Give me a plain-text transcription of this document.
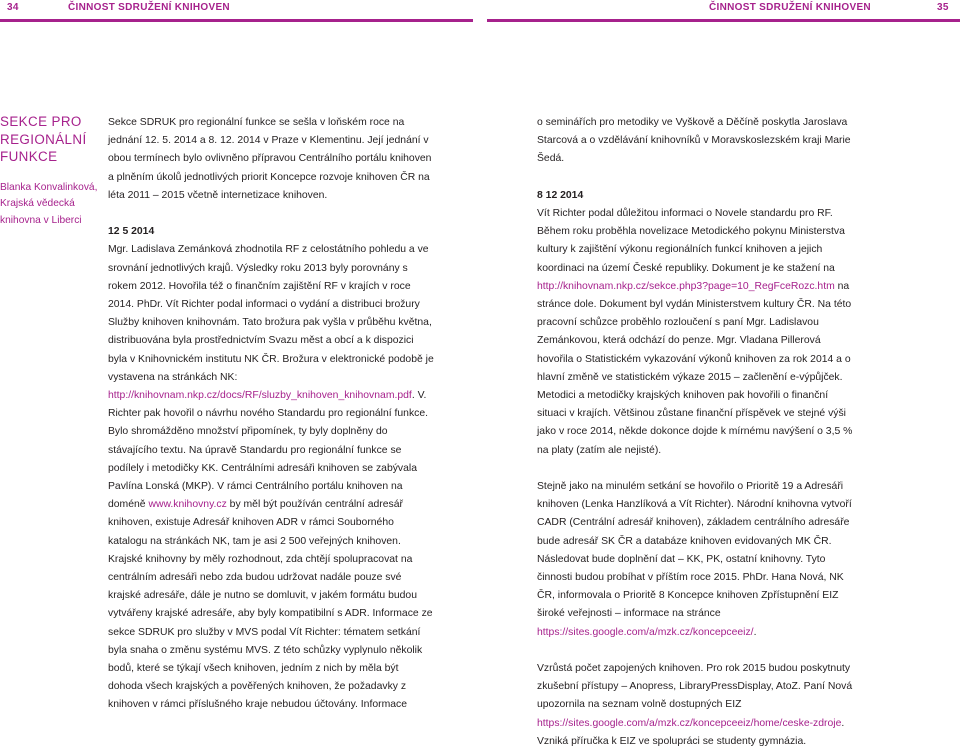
34	ČINNOST SDRUŽENÍ KNIHOVEN	ČINNOST SDRUŽENÍ KNIHOVEN	35

SEKCE PRO REGIONÁLNÍ FUNKCE

Blanka Konvalinková, Krajská vědecká knihovna v Liberci

Sekce SDRUK pro regionální funkce se sešla v loňském roce na jednání 12. 5. 2014 a 8. 12. 2014 v Praze v Klementinu. Její jednání v obou termínech bylo ovlivněno přípravou Centrálního portálu knihoven a plněním úkolů jednotlivých priorit Koncepce rozvoje knihoven ČR na léta 2011 – 2015 včetně internetizace knihoven.

12 5 2014

Mgr. Ladislava Zemánková zhodnotila RF z celostátního pohledu a ve srovnání jednotlivých krajů. Výsledky roku 2013 byly porovnány s rokem 2012. Hovořila též o finančním zajištění RF v krajích v roce 2014. PhDr. Vít Richter podal informaci o vydání a distribuci brožury Služby knihoven knihovnám. Tato brožura pak vyšla v průběhu května, distribuována byla prostřednictvím Svazu měst a obcí a k dispozici byla v Knihovnickém institutu NK ČR. Brožura v elektronické podobě je vystavena na stránkách NK: http://knihovnam.nkp.cz/docs/RF/sluzby_knihoven_knihovnam.pdf. V. Richter pak hovořil o návrhu nového Standardu pro regionální funkce. Bylo shromážděno množství připomínek, ty byly doplněny do stávajícího textu. Na úpravě Standardu pro regionální funkce se podílely i metodičky KK. Centrálními adresáři knihoven se zabývala Pavlína Lonská (MKP). V rámci Centrálního portálu knihoven na doméně www.knihovny.cz by měl být používán centrální adresář knihoven, existuje Adresář knihoven ADR v rámci Souborného katalogu na stránkách NK, tam je asi 2 500 veřejných knihoven. Krajské knihovny by měly rozhodnout, zda chtějí spolupracovat na centrálním adresáři nebo zda budou udržovat nadále pouze své krajské adresáře, dále je nutno se domluvit, v jakém formátu budou vytvářeny krajské adresáře, aby byly kompatibilní s ADR. Informace ze sekce SDRUK pro služby v MVS podal Vít Richter: tématem setkání byla snaha o změnu systému MVS. Z této schůzky vyplynulo několik bodů, které se týkají všech knihoven, jedním z nich by měla být dohoda všech krajských a pověřených knihoven, že požadavky z knihoven v rámci příslušného kraje nebudou účtovány. Informace

o seminářích pro metodiky ve Vyškově a Děčíně poskytla Jaroslava Starcová a o vzdělávání knihovníků v Moravskoslezském kraji Marie Šedá.

8 12 2014

Vít Richter podal důležitou informaci o Novele standardu pro RF. Během roku proběhla novelizace Metodického pokynu Ministerstva kultury k zajištění výkonu regionálních funkcí knihoven a jejich koordinaci na území České republiky. Dokument je ke stažení na http://knihovnam.nkp.cz/sekce.php3?page=10_RegFceRozc.htm na stránce dole. Dokument byl vydán Ministerstvem kultury ČR. Na této pracovní schůzce proběhlo rozloučení s paní Mgr. Ladislavou Zemánkovou, která odchází do penze. Mgr. Vladana Pillerová hovořila o Statistickém vykazování výkonů knihoven za rok 2014 a o hlavní změně ve statistickém výkaze 2015 – začlenění e-výpůjček. Metodici a metodičky krajských knihoven pak hovořili o finanční situaci v krajích. Většinou zůstane finanční příspěvek ve stejné výši jako v roce 2014, někde dokonce dojde k mírnému navýšení o 3,5 % na platy (zatím ale nejisté).

Stejně jako na minulém setkání se hovořilo o Prioritě 19 a Adresáři knihoven (Lenka Hanzlíková a Vít Richter). Národní knihovna vytvoří CADR (Centrální adresář knihoven), základem centrálního adresáře bude adresář SK ČR a databáze knihoven evidovaných MK ČR. Následovat bude doplnění dat – KK, PK, ostatní knihovny. Tyto činnosti budou probíhat v příštím roce 2015. PhDr. Hana Nová, NK ČR, informovala o Prioritě 8 Koncepce knihoven Zpřístupnění EIZ široké veřejnosti – informace na stránce https://sites.google.com/a/mzk.cz/koncepceeiz/.

Vzrůstá počet zapojených knihoven. Pro rok 2015 budou poskytnuty zkušební přístupy – Anopress, LibraryPressDisplay, AtoZ. Paní Nová upozornila na seznam volně dostupných EIZ https://sites.google.com/a/mzk.cz/koncepceeiz/home/ceske-zdroje. Vzniká příručka k EIZ ve spolupráci se studenty gymnázia.
